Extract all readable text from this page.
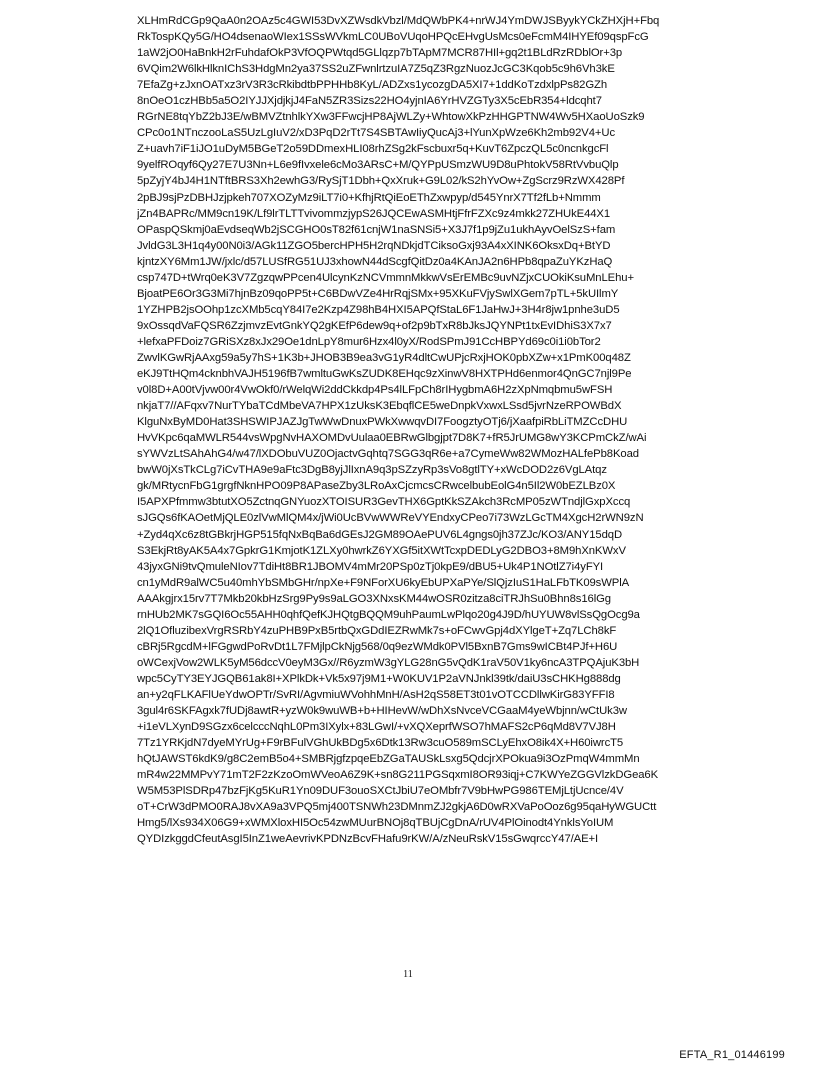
XLHmRdCGp9QaA0n2OAz5c4GWI53DvXZWsdkVbzl/MdQWbPK4+nrWJ4YmDWJSByykYCkZHXjH+Fbq
RkTospKQy5G/HO4dsenaoWIex1SSsWVkmLC0UBoVUqoHPQcEHvgUsMcs0eFcmM4IHYEf09qspFcG
1aW2jO0HaBnkH2rFuhdafOkP3VfOQPWtqd5GLlqzp7bTApM7MCR87HIl+gq2t1BLdRzRDblOr+3p
6VQim2W6lkHlknIChS3HdgMn2ya37SS2uZFwnlrtzuIA7Z5qZ3RgzNuozJcGC3Kqob5c9h6Vh3kE
7EfaZg+zJxnOATxz3rV3R3cRkibdtbPPHHb8KyL/ADZxs1ycozgDA5XI7+1ddKoTzdxlpPs82GZh
8nOeO1czHBb5a5O2IYJJXjdjkjJ4FaN5ZR3Sizs22HO4yjnIA6YrHVZGTy3X5cEbR354+ldcqht7
RGrNE8tqYbZ2bJ3E/wBMVZtnhlkYXw3FFwcjHP8AjWLZy+WhtowXkPzHHGPTNW4Wv5HXaoUoSzk9
CPc0o1NTnczooLaS5UzLgIuV2/xD3PqD2rTt7S4SBTAwIiyQucAj3+lYunXpWze6Kh2mb92V4+Uc
Z+uavh7iF1iJO1uDyM5BGeT2o59DDmexHLI08rhZSg2kFscbuxr5q+KuvT6ZpczQL5c0ncnkgcFl
9yelfROqyf6Qy27E7U3Nn+L6e9fIvxele6cMo3ARsC+M/QYPpUSmzWU9D8uPhtokV58RtVvbuQlp
5pZyjY4bJ4H1NTftBRS3Xh2ewhG3/RySjT1Dbh+QxXruk+G9L02/kS2hYvOw+ZgScrz9RzWX428Pf
2pBJ9sjPzDBHJzjpkeh707XOZyMz9iLT7i0+KfhjRtQiEoEThZxwpyp/d545YnrX7Tf2fLb+Nmmm
jZn4BAPRc/MM9cn19K/Lf9lrTLTTvivommzjypS26JQCEwASMHtjFfrFZXc9z4mkk27ZHUkE44X1
OPaspQSkmj0aEvdseqWb2jSCGHO0sT82f61cnjW1naSNSi5+X3J7f1p9jZu1ukhAyvOelSzS+fam
JvldG3L3H1q4y00N0i3/AGk11ZGO5bercHPH5H2rqNDkjdTCiksoGxj93A4xXINK6OksxDq+BtYD
kjntzXY6Mm1JW/jxlc/d57LUSfRG51UJ3xhowN44dScgfQitDz0a4KAnJA2n6HPb8qpaZuYKzHaQ
csp747D+tWrq0eK3V7ZgzqwPPcen4UlcynKzNCVmmnMkkwVsErEMBc9uvNZjxCUOkiKsuMnLEhu+
BjoatPE6Or3G3Mi7hjnBz09qoPP5t+C6BDwVZe4HrRqjSMx+95XKuFVjySwlXGem7pTL+5kUIlmY
1YZHPB2jsOOhp1zcXMb5cqY84I7e2Kzp4Z98hB4HXI5APQfStaL6F1JaHwJ+3H4r8jw1pnhe3uD5
9xOssqdVaFQSR6ZzjmvzEvtGnkYQ2gKEfP6dew9q+of2p9bTxR8bJksJQYNPt1txEvIDhiS3X7x7
+lefxaPFDoiz7GRiSXz8xJx29Oe1dnLpY8mur6Hzx4l0yX/RodSPmJ91CcHBPYd69c0i1i0bTor2
ZwvlKGwRjAAxg59a5y7hS+1K3b+JHOB3B9ea3vG1yR4dltCwUPjcRxjHOK0pbXZw+x1PmK00q48Z
eKJ9TtHQm4cknbhVAJH5196fB7wmltuGwKsZUDK8EHqc9zXinwV8HXTPHd6enmor4QnGC7njl9Pe
v0l8D+A00tVjvw00r4VwOkf0/rWelqWi2ddCkkdp4Ps4lLFpCh8rIHygbmA6H2zXpNmqbmu5wFSH
nkjaT7//AFqxv7NurTYbaTCdMbeVA7HPX1zUksK3EbqflCE5weDnpkVxwxLSsd5jvrNzeRPOWBdX
KlguNxByMD0Hat3SHSWIPJAZJgTwWwDnuxPWkXwwqvDI7FoogztyOTj6/jXaafpiRbLiTMZCcDHU
HvVKpc6qaMWLR544vsWpgNvHAXOMDvUulaa0EBRwGlbgjpt7D8K7+fR5JrUMG8wY3KCPmCkZ/wAi
sYWVzLtSAhAhG4/w47/lXDObuVUZ0OjactvGqhtq7SGG3qR6e+a7CymeWw82WMozHALfePb8Koad
bwW0jXsTkCLg7iCvTHA9e9aFtc3DgB8yjJlIxnA9q3pSZzyRp3sVo8gtlTY+xWcDOD2z6VgLAtqz
gk/MRtycnFbG1grgfNknHPO09P8APaseZby3LRoAxCjcmcsCRwcelbubEolG4n5Il2W0bEZLBz0X
I5APXPfmmw3btutXO5ZctnqGNYuozXTOISUR3GevTHX6GptKkSZAkch3RcMP05zWTndjlGxpXccq
sJGQs6fKAOetMjQLE0zlVwMlQM4x/jWi0UcBVwWWReVYEndxyCPeo7i73WzLGcTM4XgcH2rWN9zN
+Zyd4qXc6z8tGBkrjHGP515fqNxBqBa6dGEsJ2GM89OAePUV6L4gngs0jh37ZJc/KO3/ANY15dqD
S3EkjRt8yAK5A4x7GpkrG1KmjotK1ZLXy0hwrkZ6YXGf5itXWtTcxpDEDLyG2DBO3+8M9hXnKWxV
43jyxGNi9tvQmuleNIov7TdiHt8BR1JBOMV4mMr20PSp0zTj0kpE9/dBU5+Uk4P1NOtlZ7i4yFYI
cn1yMdR9alWC5u40mhYbSMbGHr/npXe+F9NForXU6kyEbUPXaPYe/SlQjzIuS1HaLFbTK09sWPlA
AAAkgjrx15rv7T7Mkb20kbHzSrg9Py9s9aLGO3XNxsKM44wOSR0zitza8ciTRJhSu0Bhn8s16lGg
rnHUb2MK7sGQI6Oc55AHH0qhfQefKJHQtgBQQM9uhPaumLwPlqo20g4J9D/hUYUW8vlSsQgOcg9a
2lQ1OfluzibexVrgRSRbY4zuPHB9PxB5rtbQxGDdIEZRwMk7s+oFCwvGpj4dXYlgeT+Zq7LCh8kF
cBRj5RgcdM+lFGgwdPoRvDt1L7FMjlpCkNjg568/0q9ezWMdk0PVl5BxnB7Gms9wICBt4PJf+H6U
oWCexjVow2WLK5yM56dccV0eyM3Gx//R6yzmW3gYLG28nG5vQdK1raV50V1ky6ncA3TPQAjuK3bH
wpc5CyTY3EYJGQB61ak8I+XPlkDk+Vk5x97j9M1+W0KUV1P2aVNJnkl39tk/daiU3sCHKHg888dg
an+y2qFLKAFlUeYdwOPTr/SvRI/AgvmiuWVohhMnH/AsH2qS58ET3t01vOTCCDllwKirG83YFFI8
3gul4r6SKFAgxk7fUDj8awtR+yzW0k9wuWB+b+HIHevW/wDhXsNvceVCGaaM4yeWbjnn/wCtUk3w
+i1eVLXynD9SGzx6celcccNqhL0Pm3IXylx+83LGwI/+vXQXeprfWSO7hMAFS2cP6qMd8V7VJ8H
7Tz1YRKjdN7dyeMYrUg+F9rBFulVGhUkBDg5x6Dtk13Rw3cuO589mSCLyEhxO8ik4X+H60iwrcT5
hQtJAWST6kdK9/g8C2emB5o4+SMBRjgfzpqeEbZGaTAUSkLsxg5QdcjrXPOkua9i3OzPmqW4mmMn
mR4w22MMPvY71mT2F2zKzoOmWVeoA6Z9K+sn8G211PGSqxmI8OR93iqj+C7KWYeZGGVlzkDGea6K
W5M53PlSDRp47bzFjKg5KuR1Yn09DUF3ouoSXCtJbiU7eOMbfr7V9bHwPG986TEMjLtjUcnce/4V
oT+CrW3dPMO0RAJ8vXA9a3VPQ5mj400TSNWh23DMnmZJ2gkjA6D0wRXVaPoOoz6g95qaHyWGUCtt
Hmg5/lXs934X06G9+xWMXloxHI5Oc54zwMUurBNOj8qTBUjCgDnA/rUV4PlOinodt4YnklsYoIUM
QYDIzkggdCfeutAsgI5InZ1weAevrivKPDNzBcvFHafu9rKW/A/zNeuRskV15sGwqrccY47/AE+I
11
EFTA_R1_01446199
